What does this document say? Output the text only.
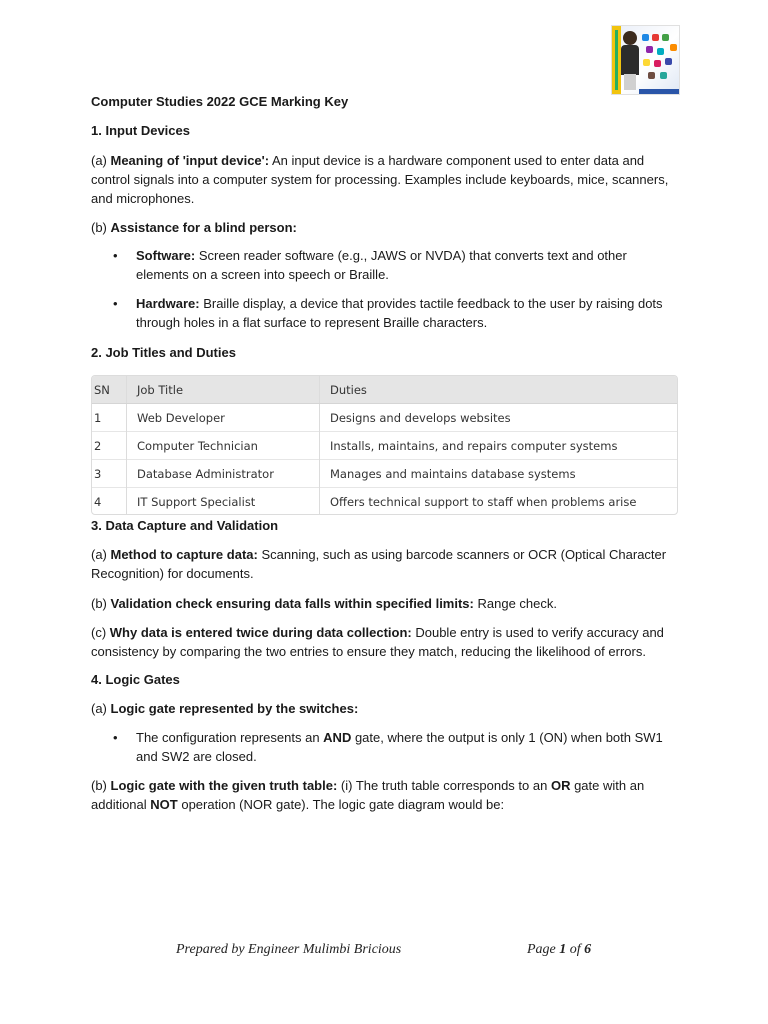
Computer Studies 2022 GCE Marking Key
1. Input Devices
(a) Meaning of 'input device': An input device is a hardware component used to enter data and control signals into a computer system for processing. Examples include keyboards, mice, scanners, and microphones.
(b) Assistance for a blind person:
• Software: Screen reader software (e.g., JAWS or NVDA) that converts text and other elements on a screen into speech or Braille.
• Hardware: Braille display, a device that provides tactile feedback to the user by raising dots through holes in a flat surface to represent Braille characters.
2. Job Titles and Duties
SN	Job Title	Duties
1	Web Developer	Designs and develops websites
2	Computer Technician	Installs, maintains, and repairs computer systems
3	Database Administrator	Manages and maintains database systems
4	IT Support Specialist	Offers technical support to staff when problems arise
3. Data Capture and Validation
(a) Method to capture data: Scanning, such as using barcode scanners or OCR (Optical Character Recognition) for documents.
(b) Validation check ensuring data falls within specified limits: Range check.
(c) Why data is entered twice during data collection: Double entry is used to verify accuracy and consistency by comparing the two entries to ensure they match, reducing the likelihood of errors.
4. Logic Gates
(a) Logic gate represented by the switches:
• The configuration represents an AND gate, where the output is only 1 (ON) when both SW1 and SW2 are closed.
(b) Logic gate with the given truth table: (i) The truth table corresponds to an OR gate with an additional NOT operation (NOR gate). The logic gate diagram would be:
Prepared by Engineer Mulimbi Bricious	Page 1 of 6
